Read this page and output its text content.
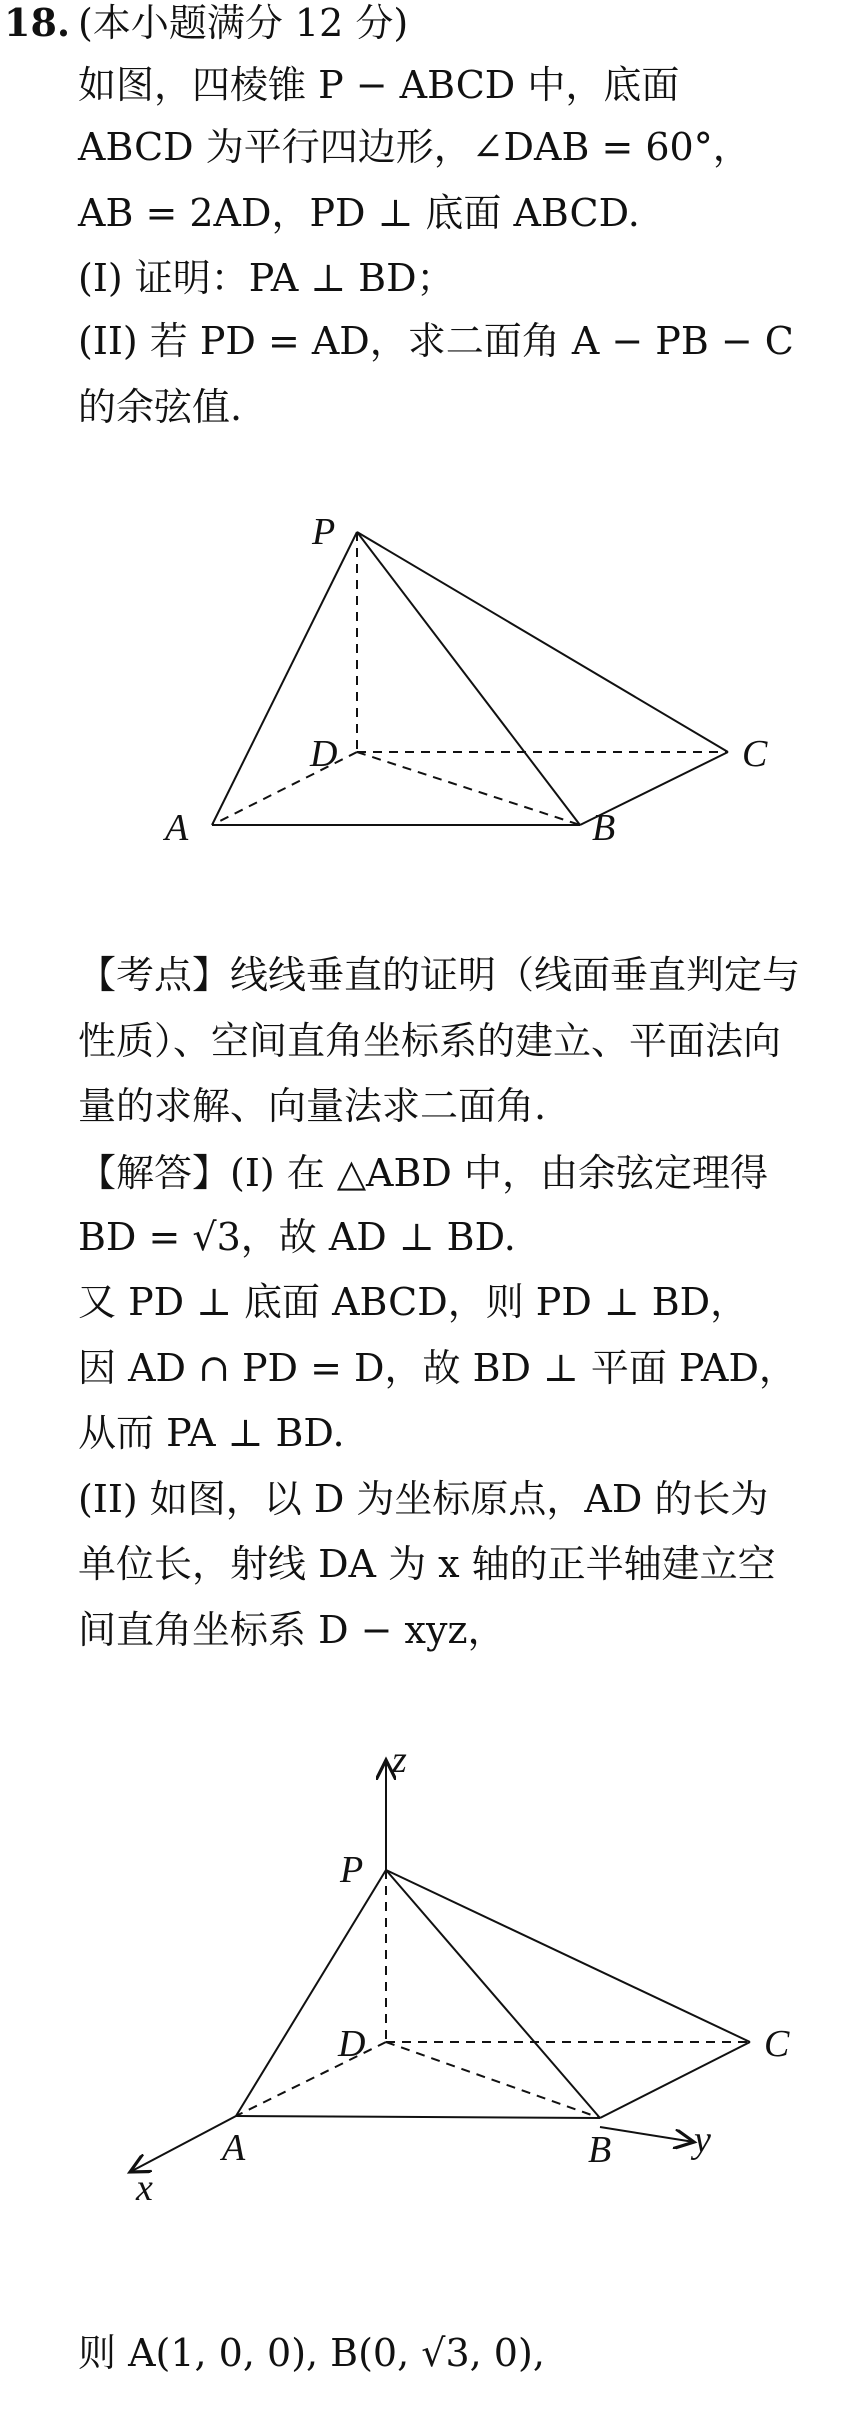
18. (本小题满分 12 分)
如图，四棱锥 P − ABCD 中，底面
ABCD 为平行四边形，∠DAB = 60°，
AB = 2AD，PD ⊥ 底面 ABCD.
(I) 证明：PA ⊥ BD；
(II) 若 PD = AD，求二面角 A − PB − C
的余弦值.
P
D	C
A	B
【考点】线线垂直的证明（线面垂直判定与
性质）、空间直角坐标系的建立、平面法向
量的求解、向量法求二面角.
【解答】(I) 在 △ABD 中，由余弦定理得
BD = √3，故 AD ⊥ BD.
又 PD ⊥ 底面 ABCD，则 PD ⊥ BD，
因 AD ∩ PD = D，故 BD ⊥ 平面 PAD，
从而 PA ⊥ BD.
(II) 如图，以 D 为坐标原点，AD 的长为
单位长，射线 DA 为 x 轴的正半轴建立空
间直角坐标系 D − xyz，
z
P
D	C
A	B y
x
则 A(1, 0, 0), B(0, √3, 0),
